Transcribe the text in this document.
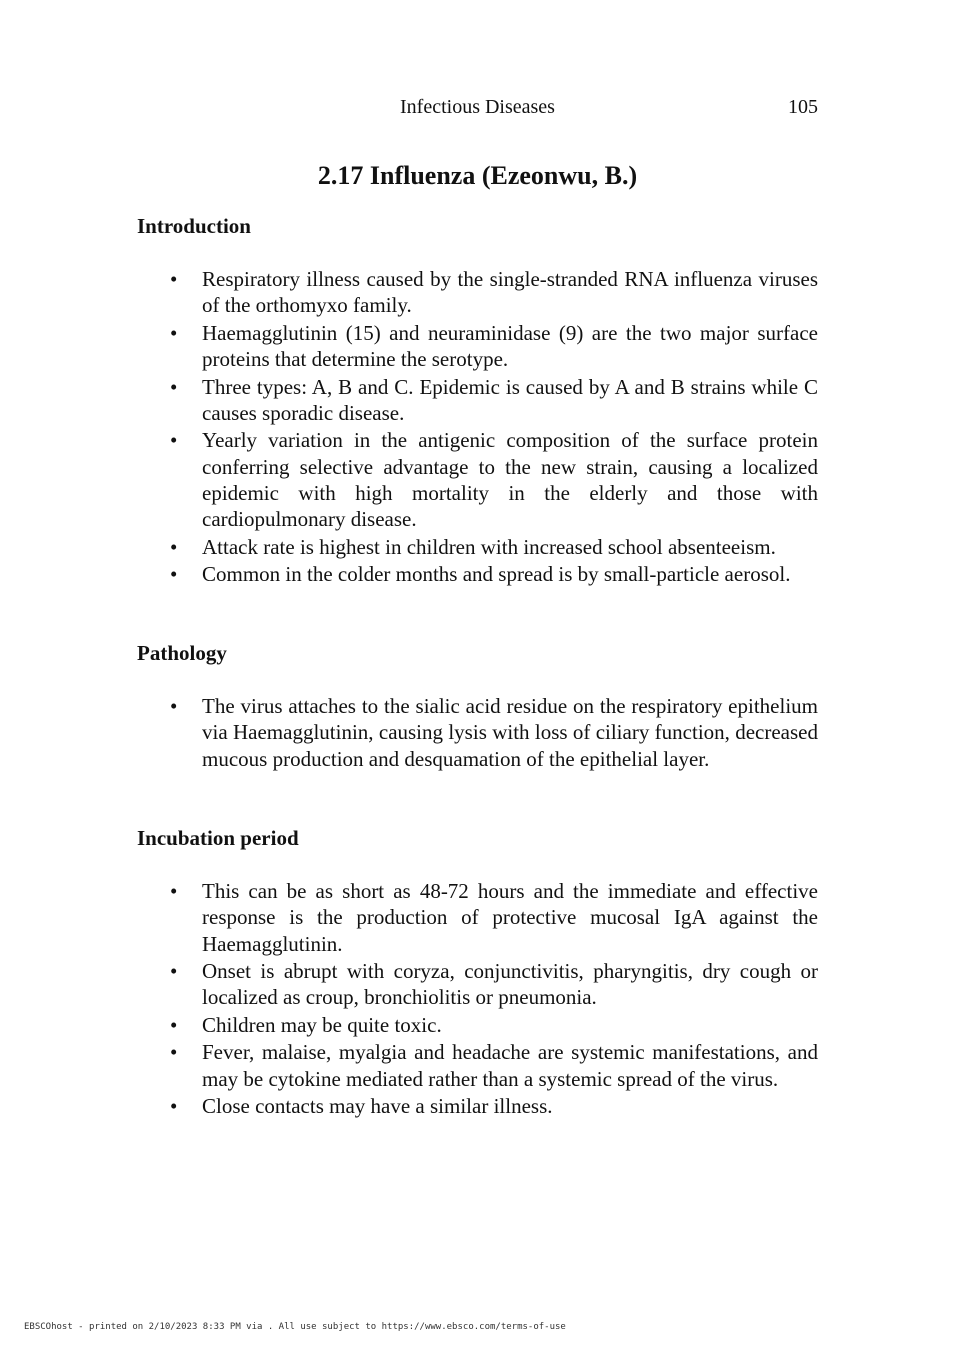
Infectious Diseases	105
2.17 Influenza (Ezeonwu, B.)
Introduction
• Respiratory illness caused by the single-stranded RNA influenza viruses of the orthomyxo family.
• Haemagglutinin (15) and neuraminidase (9) are the two major surface proteins that determine the serotype.
• Three types: A, B and C. Epidemic is caused by A and B strains while C causes sporadic disease.
• Yearly variation in the antigenic composition of the surface protein conferring selective advantage to the new strain, causing a localized epidemic with high mortality in the elderly and those with cardiopulmonary disease.
• Attack rate is highest in children with increased school absenteeism.
• Common in the colder months and spread is by small-particle aerosol.
Pathology
• The virus attaches to the sialic acid residue on the respiratory epithelium via Haemagglutinin, causing lysis with loss of ciliary function, decreased mucous production and desquamation of the epithelial layer.
Incubation period
• This can be as short as 48-72 hours and the immediate and effective response is the production of protective mucosal IgA against the Haemagglutinin.
• Onset is abrupt with coryza, conjunctivitis, pharyngitis, dry cough or localized as croup, bronchiolitis or pneumonia.
• Children may be quite toxic.
• Fever, malaise, myalgia and headache are systemic manifestations, and may be cytokine mediated rather than a systemic spread of the virus.
• Close contacts may have a similar illness.
EBSCOhost - printed on 2/10/2023 8:33 PM via . All use subject to https://www.ebsco.com/terms-of-use
